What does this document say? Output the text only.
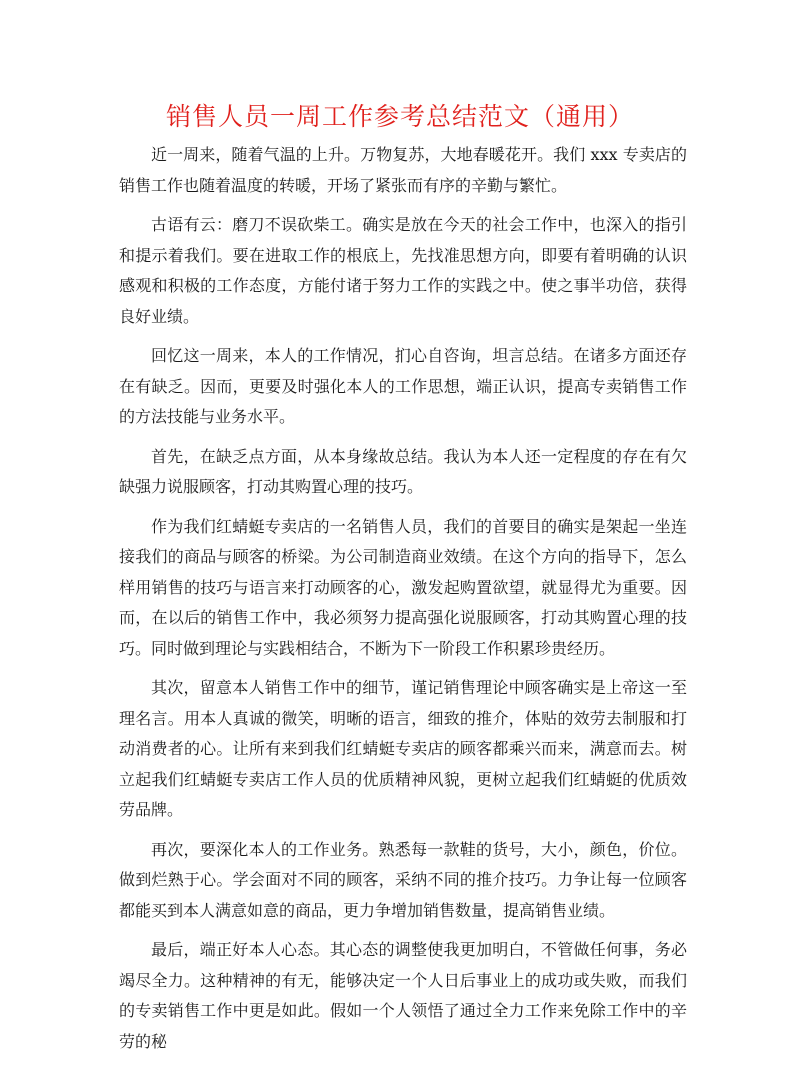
销售人员一周工作参考总结范文（通用）

近一周来，随着气温的上升。万物复苏，大地春暖花开。我们 xxx 专卖店的销售工作也随着温度的转暖，开场了紧张而有序的辛勤与繁忙。

古语有云：磨刀不误砍柴工。确实是放在今天的社会工作中，也深入的指引和提示着我们。要在进取工作的根底上，先找准思想方向，即要有着明确的认识感观和积极的工作态度，方能付诸于努力工作的实践之中。使之事半功倍，获得良好业绩。

回忆这一周来，本人的工作情况，扪心自咨询，坦言总结。在诸多方面还存在有缺乏。因而，更要及时强化本人的工作思想，端正认识，提高专卖销售工作的方法技能与业务水平。

首先，在缺乏点方面，从本身缘故总结。我认为本人还一定程度的存在有欠缺强力说服顾客，打动其购置心理的技巧。

作为我们红蜻蜓专卖店的一名销售人员，我们的首要目的确实是架起一坐连接我们的商品与顾客的桥梁。为公司制造商业效绩。在这个方向的指导下，怎么样用销售的技巧与语言来打动顾客的心，激发起购置欲望，就显得尤为重要。因而，在以后的销售工作中，我必须努力提高强化说服顾客，打动其购置心理的技巧。同时做到理论与实践相结合，不断为下一阶段工作积累珍贵经历。

其次，留意本人销售工作中的细节，谨记销售理论中顾客确实是上帝这一至理名言。用本人真诚的微笑，明晰的语言，细致的推介，体贴的效劳去制服和打动消费者的心。让所有来到我们红蜻蜓专卖店的顾客都乘兴而来，满意而去。树立起我们红蜻蜓专卖店工作人员的优质精神风貌，更树立起我们红蜻蜓的优质效劳品牌。

再次，要深化本人的工作业务。熟悉每一款鞋的货号，大小，颜色，价位。做到烂熟于心。学会面对不同的顾客，采纳不同的推介技巧。力争让每一位顾客都能买到本人满意如意的商品，更力争增加销售数量，提高销售业绩。

最后，端正好本人心态。其心态的调整使我更加明白，不管做任何事，务必竭尽全力。这种精神的有无，能够决定一个人日后事业上的成功或失败，而我们的专卖销售工作中更是如此。假如一个人领悟了通过全力工作来免除工作中的辛劳的秘
